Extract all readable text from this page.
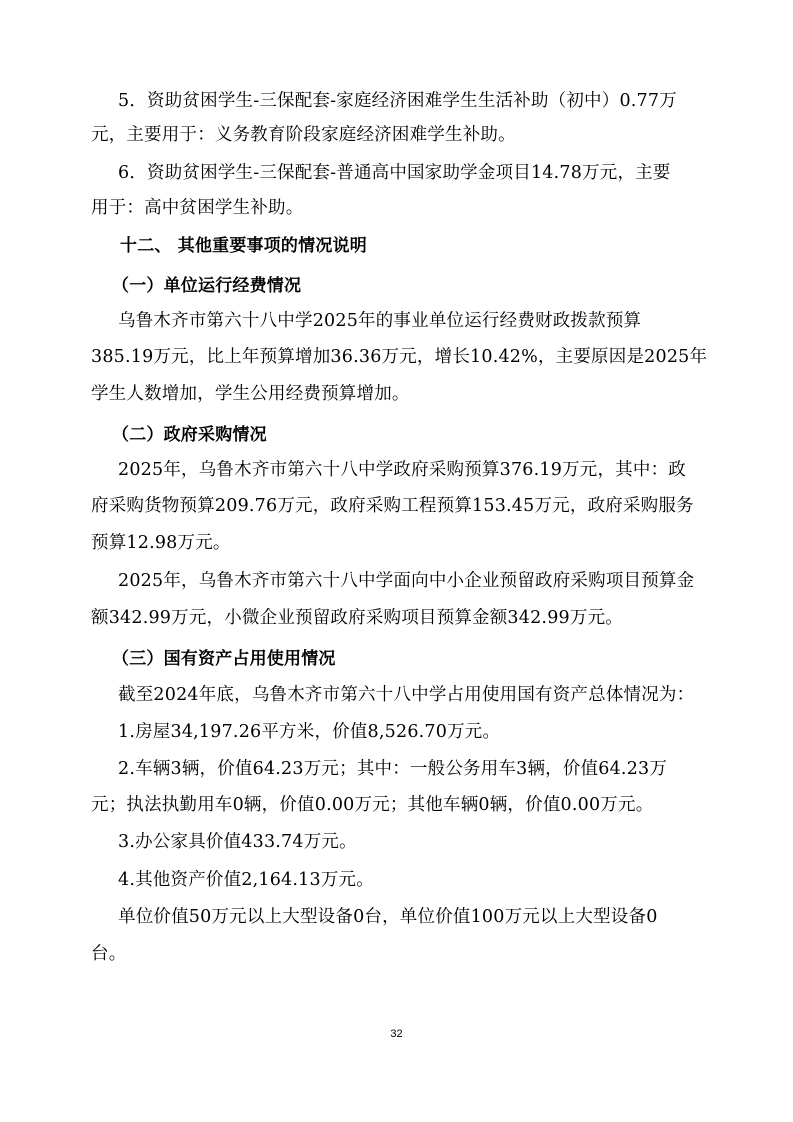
5．资助贫困学生-三保配套-家庭经济困难学生生活补助（初中）0.77万
元，主要用于：义务教育阶段家庭经济困难学生补助。
6．资助贫困学生-三保配套-普通高中国家助学金项目14.78万元，主要
用于：高中贫困学生补助。
十二、 其他重要事项的情况说明
（一）单位运行经费情况
乌鲁木齐市第六十八中学2025年的事业单位运行经费财政拨款预算
385.19万元，比上年预算增加36.36万元，增长10.42%，主要原因是2025年
学生人数增加，学生公用经费预算增加。
（二）政府采购情况
2025年，乌鲁木齐市第六十八中学政府采购预算376.19万元，其中：政
府采购货物预算209.76万元，政府采购工程预算153.45万元，政府采购服务
预算12.98万元。
2025年，乌鲁木齐市第六十八中学面向中小企业预留政府采购项目预算金
额342.99万元，小微企业预留政府采购项目预算金额342.99万元。
（三）国有资产占用使用情况
截至2024年底，乌鲁木齐市第六十八中学占用使用国有资产总体情况为：
1.房屋34,197.26平方米，价值8,526.70万元。
2.车辆3辆，价值64.23万元；其中：一般公务用车3辆，价值64.23万
元；执法执勤用车0辆，价值0.00万元；其他车辆0辆，价值0.00万元。
3.办公家具价值433.74万元。
4.其他资产价值2,164.13万元。
单位价值50万元以上大型设备0台，单位价值100万元以上大型设备0
台。
32
